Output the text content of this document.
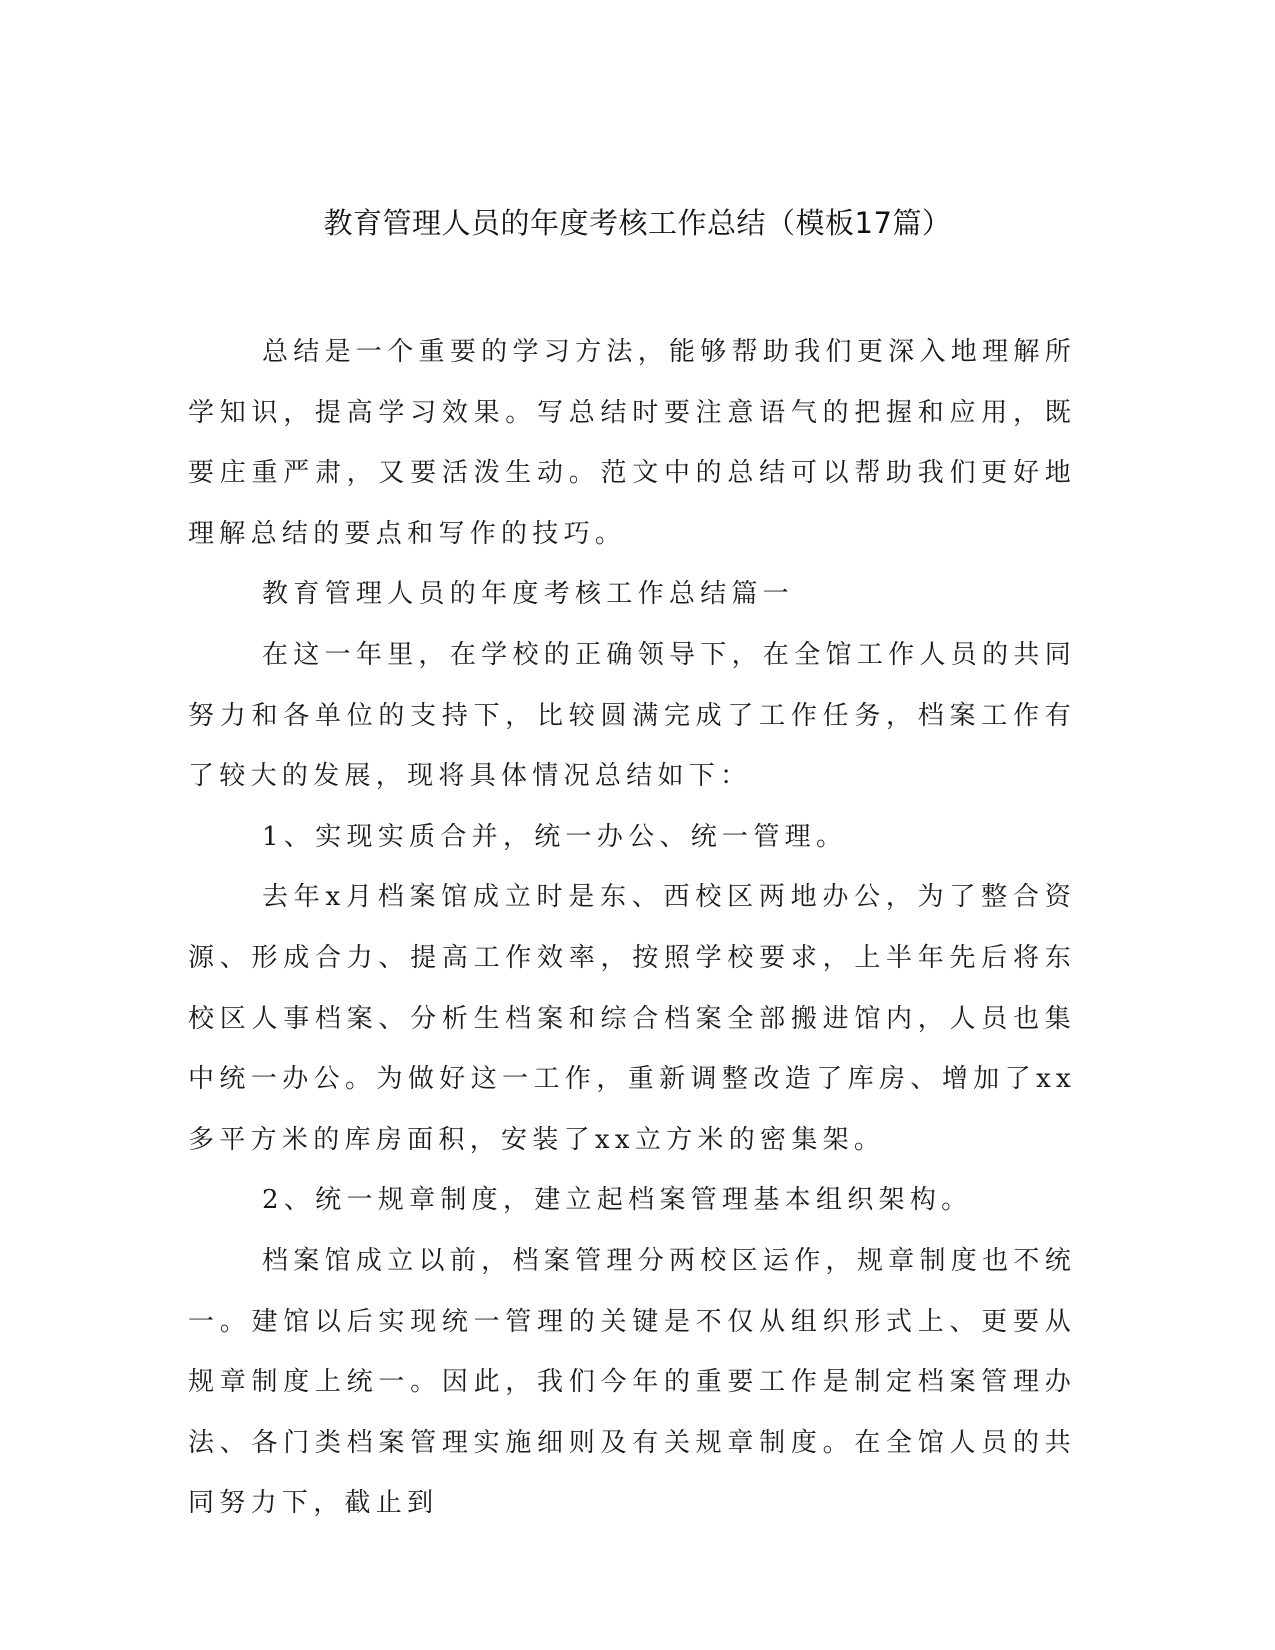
教育管理人员的年度考核工作总结（模板17篇）

总结是一个重要的学习方法，能够帮助我们更深入地理解所学知识，提高学习效果。写总结时要注意语气的把握和应用，既要庄重严肃，又要活泼生动。范文中的总结可以帮助我们更好地理解总结的要点和写作的技巧。

教育管理人员的年度考核工作总结篇一

在这一年里，在学校的正确领导下，在全馆工作人员的共同努力和各单位的支持下，比较圆满完成了工作任务，档案工作有了较大的发展，现将具体情况总结如下：

1、实现实质合并，统一办公、统一管理。

去年x月档案馆成立时是东、西校区两地办公，为了整合资源、形成合力、提高工作效率，按照学校要求，上半年先后将东校区人事档案、分析生档案和综合档案全部搬进馆内，人员也集中统一办公。为做好这一工作，重新调整改造了库房、增加了xx多平方米的库房面积，安装了xx立方米的密集架。

2、统一规章制度，建立起档案管理基本组织架构。

档案馆成立以前，档案管理分两校区运作，规章制度也不统一。建馆以后实现统一管理的关键是不仅从组织形式上、更要从规章制度上统一。因此，我们今年的重要工作是制定档案管理办法、各门类档案管理实施细则及有关规章制度。在全馆人员的共同努力下，截止到
